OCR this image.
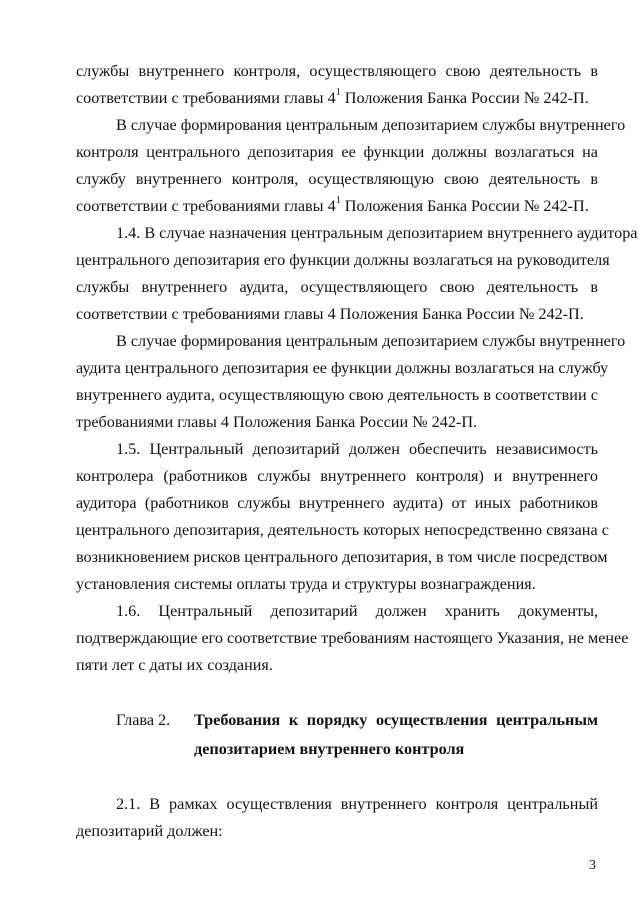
службы внутреннего контроля, осуществляющего свою деятельность в
соответствии с требованиями главы $4^1$ Положения Банка России № 242-П.
В случае формирования центральным депозитарием службы внутреннего
контроля центрального депозитария ее функции должны возлагаться на
службу внутреннего контроля, осуществляющую свою деятельность в
соответствии с требованиями главы $4^1$ Положения Банка России № 242-П.
1.4. В случае назначения центральным депозитарием внутреннего аудитора
центрального депозитария его функции должны возлагаться на руководителя
службы внутреннего аудита, осуществляющего свою деятельность в
соответствии с требованиями главы 4 Положения Банка России № 242-П.
В случае формирования центральным депозитарием службы внутреннего
аудита центрального депозитария ее функции должны возлагаться на службу
внутреннего аудита, осуществляющую свою деятельность в соответствии с
требованиями главы 4 Положения Банка России № 242-П.
1.5. Центральный депозитарий должен обеспечить независимость
контролера (работников службы внутреннего контроля) и внутреннего
аудитора (работников службы внутреннего аудита) от иных работников
центрального депозитария, деятельность которых непосредственно связана с
возникновением рисков центрального депозитария, в том числе посредством
установления системы оплаты труда и структуры вознаграждения.
1.6. Центральный депозитарий должен хранить документы,
подтверждающие его соответствие требованиям настоящего Указания, не менее
пяти лет с даты их создания.
Глава 2.	Требования к порядку осуществления центральным
депозитарием внутреннего контроля
2.1. В рамках осуществления внутреннего контроля центральный
депозитарий должен:
3
